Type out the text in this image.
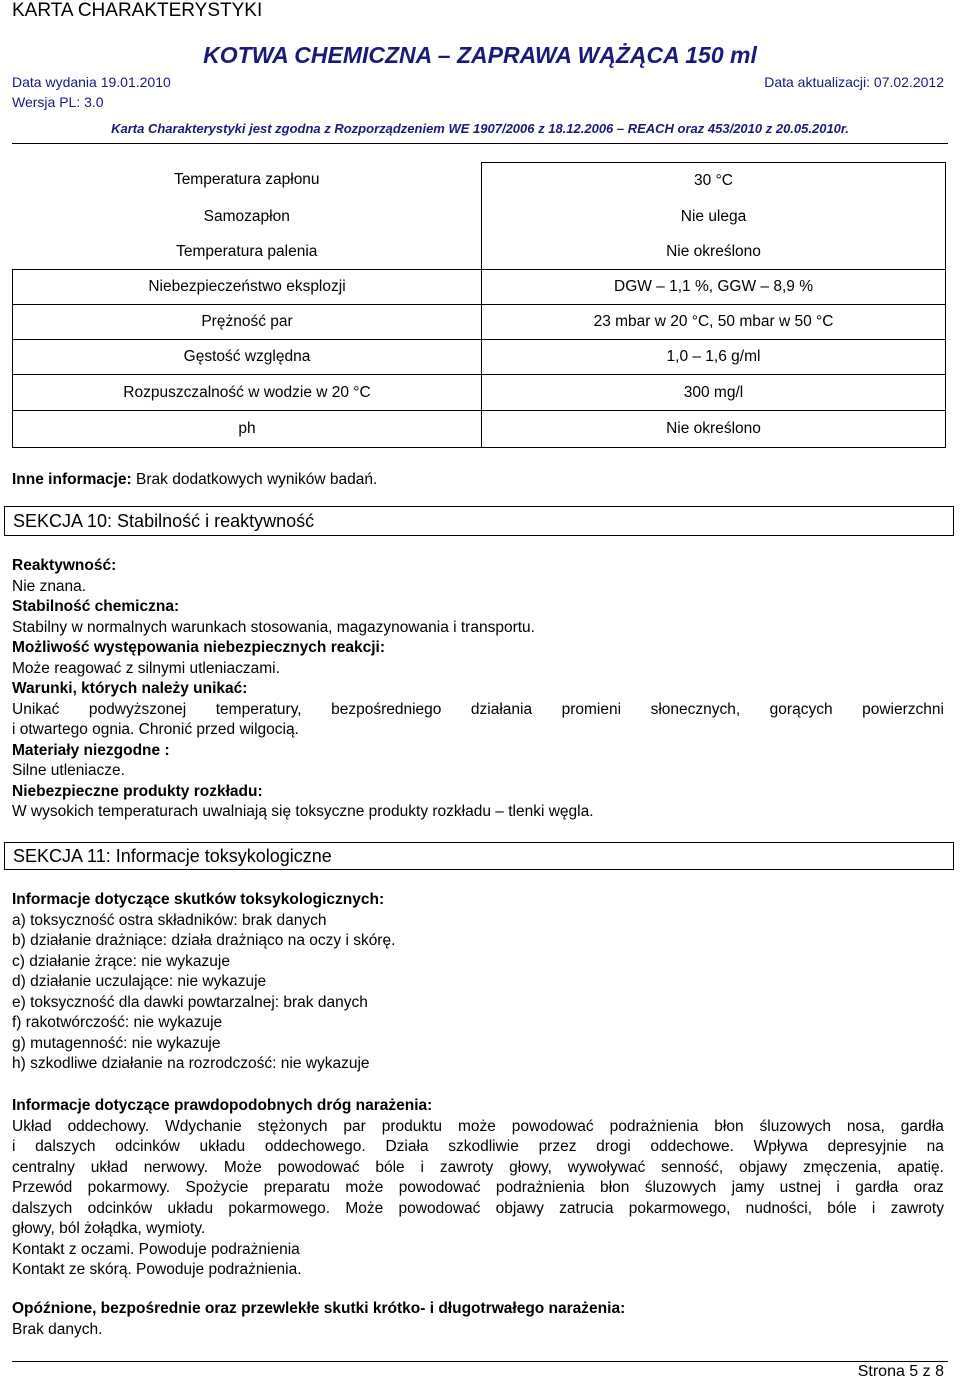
KARTA CHARAKTERYSTYKI
KOTWA CHEMICZNA – ZAPRAWA WĄŻĄCA 150 ml
Data wydania 19.01.2010	Data aktualizacji: 07.02.2012
Wersja PL: 3.0
Karta Charakterystyki jest zgodna z Rozporządzeniem WE 1907/2006 z 18.12.2006 – REACH oraz 453/2010 z 20.05.2010r.
Temperatura zapłonu	30 °C
Samozapłon	Nie ulega
Temperatura palenia	Nie określono
Niebezpieczeństwo eksplozji	DGW – 1,1 %, GGW – 8,9 %
Prężność par	23 mbar w 20 °C, 50 mbar w 50 °C
Gęstość względna	1,0 – 1,6 g/ml
Rozpuszczalność w wodzie w 20 °C	300 mg/l
ph	Nie określono
Inne informacje: Brak dodatkowych wyników badań.
SEKCJA 10: Stabilność i reaktywność
Reaktywność:
Nie znana.
Stabilność chemiczna:
Stabilny w normalnych warunkach stosowania, magazynowania i transportu.
Możliwość występowania niebezpiecznych reakcji:
Może reagować z silnymi utleniaczami.
Warunki, których należy unikać:
Unikać podwyższonej temperatury, bezpośredniego działania promieni słonecznych, gorących powierzchni
i otwartego ognia. Chronić przed wilgocią.
Materiały niezgodne :
Silne utleniacze.
Niebezpieczne produkty rozkładu:
W wysokich temperaturach uwalniają się toksyczne produkty rozkładu – tlenki węgla.
SEKCJA 11: Informacje toksykologiczne
Informacje dotyczące skutków toksykologicznych:
a) toksyczność ostra składników: brak danych
b) działanie drażniące: działa drażniąco na oczy i skórę.
c) działanie żrące: nie wykazuje
d) działanie uczulające: nie wykazuje
e) toksyczność dla dawki powtarzalnej: brak danych
f) rakotwórczość: nie wykazuje
g) mutagenność: nie wykazuje
h) szkodliwe działanie na rozrodczość: nie wykazuje
Informacje dotyczące prawdopodobnych dróg narażenia:
Układ oddechowy. Wdychanie stężonych par produktu może powodować podrażnienia błon śluzowych nosa, gardła
i dalszych odcinków układu oddechowego. Działa szkodliwie przez drogi oddechowe. Wpływa depresyjnie na
centralny układ nerwowy. Może powodować bóle i zawroty głowy, wywoływać senność, objawy zmęczenia, apatię.
Przewód pokarmowy. Spożycie preparatu może powodować podrażnienia błon śluzowych jamy ustnej i gardła oraz
dalszych odcinków układu pokarmowego. Może powodować objawy zatrucia pokarmowego, nudności, bóle i zawroty
głowy, ból żołądka, wymioty.
Kontakt z oczami. Powoduje podrażnienia
Kontakt ze skórą. Powoduje podrażnienia.
Opóźnione, bezpośrednie oraz przewlekłe skutki krótko- i długotrwałego narażenia:
Brak danych.
Strona 5 z 8
